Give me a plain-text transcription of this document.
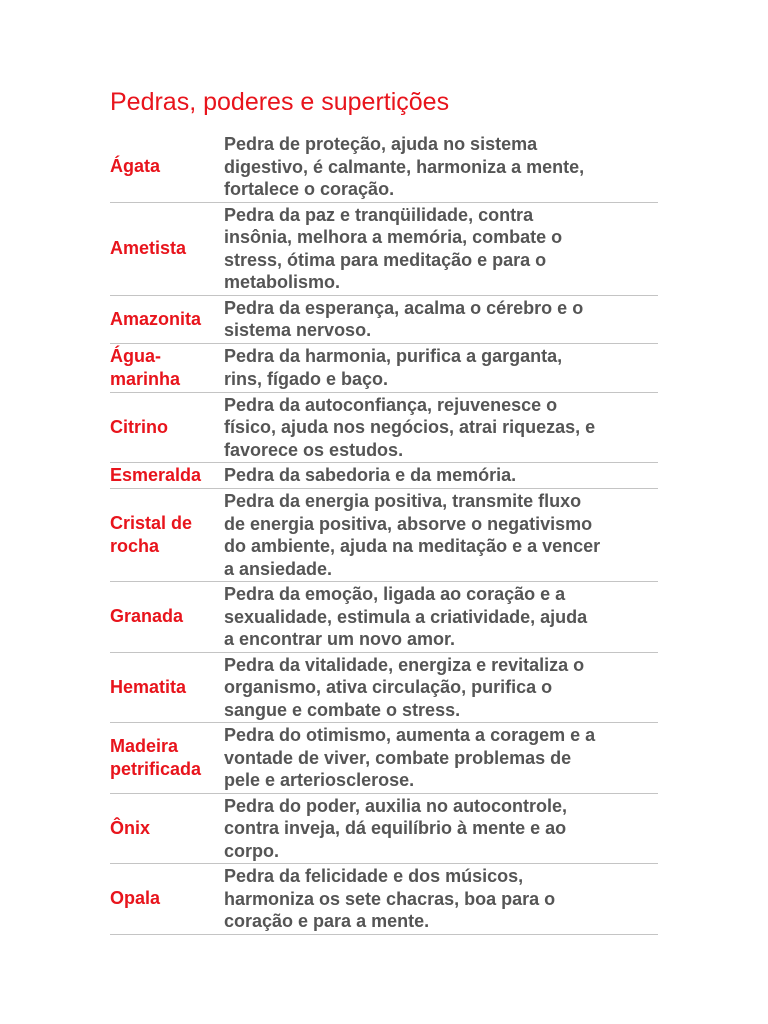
Pedras, poderes e supertições
Ágata	Pedra de proteção, ajuda no sistema
digestivo, é calmante, harmoniza a mente,
fortalece o coração.
Ametista	Pedra da paz e tranqüilidade, contra
insônia, melhora a memória, combate o
stress, ótima para meditação e para o
metabolismo.
Amazonita	Pedra da esperança, acalma o cérebro e o
sistema nervoso.
Água-
marinha	Pedra da harmonia, purifica a garganta,
rins, fígado e baço.
Citrino	Pedra da autoconfiança, rejuvenesce o
físico, ajuda nos negócios, atrai riquezas, e
favorece os estudos.
Esmeralda	Pedra da sabedoria e da memória.
Cristal de
rocha	Pedra da energia positiva, transmite fluxo
de energia positiva, absorve o negativismo
do ambiente, ajuda na meditação e a vencer
a ansiedade.
Granada	Pedra da emoção, ligada ao coração e a
sexualidade, estimula a criatividade, ajuda
a encontrar um novo amor.
Hematita	Pedra da vitalidade, energiza e revitaliza o
organismo, ativa circulação, purifica o
sangue e combate o stress.
Madeira
petrificada	Pedra do otimismo, aumenta a coragem e a
vontade de viver, combate problemas de
pele e arteriosclerose.
Ônix	Pedra do poder, auxilia no autocontrole,
contra inveja, dá equilíbrio à mente e ao
corpo.
Opala	Pedra da felicidade e dos músicos,
harmoniza os sete chacras, boa para o
coração e para a mente.
